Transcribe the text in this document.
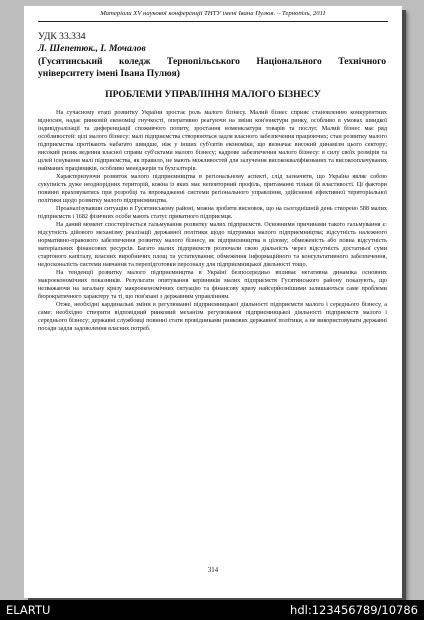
Матеріали XV наукової конференції ТНТУ імені Івана Пулюя. – Тернопіль, 2011
УДК 33.334
Л. Шепетюк., І. Мочалов
(Гусятинський коледж Тернопільського Національного Технічного університету імені Івана Пулюя)
ПРОБЛЕМИ УПРАВЛІННЯ МАЛОГО БІЗНЕСУ

На сучасному етапі розвитку України зростає роль малого бізнесу. Малий бізнес сприяє становленню конкурентних відносин, надає ринковій економіці гнучкості, оперативно реагуючи на зміни кон'юнктури ринку, особливо в умовах швидкої індивідуалізації та диференціації споживчого попиту, зростання номенклатури товарів та послуг. Малий бізнес має ряд особливостей: цілі малого бізнесу: малі підприємства створюються задля власного забезпечення працюючих; стан розвитку малого підприємства протікають набагато швидше, ніж у інших суб'єктів економіки, що визначає високий динамізм цього сектору; високий ризик ведення власної справи суб'єктами малого бізнесу; кадрове забезпечення малого бізнесу: в силу своїх розмірів та цілей існування малі підприємства, як правило, не мають можливостей для залучення висококваліфікованих та високооплачуваних найманих працівників, особливо менеджерів та бухгалтерів.

Характеризуючи розвиток малого підприємництва в регіональному аспекті, слід зазначити, що Україна являє собою сукупність дуже неоднорідних територій, кожна із яких має неповторний профіль, притаманні тільки їй властивості. Ці фактори повинні враховуватись при розробці та впровадженні системи регіонального управління, здійсненні ефективної територіальної політики щодо розвитку малого підприємництва.

Проаналізувавши ситуацію в Гусятинському районі, можна зробити висновок, що на сьогоднішній день створено 588 малих підприємств і 1682 фізичних особи мають статус приватного підприємця.

На даний момент спостерігається гальмування розвитку малих підприємств. Основними причинами такого гальмування є: відсутність дійового механізму реалізації державної політики щодо підтримки малого підприємництва; відсутність належного нормативно-правового забезпечення розвитку малого бізнесу, як підприємництва в цілому; обмеженість або повна відсутність матеріальних фінансових ресурсів. Багато малих підприємств розпочали свою діяльність через відсутність достатньої суми стартового капіталу, власних виробничих площ та устаткування; обмеження інформаційного та консультативного забезпечення, недосконалість системи навчання та перепідготовки персоналу для підприємницької діяльності тощо.

На тенденції розвитку малого підприємництва в Україні безпосередньо впливає негативна динаміка основних макроекономічних показників. Результати опитування керівників малих підприємств Гусятинського району показують, що незважаючи на загальну кризу макроекономічних ситуацію та фінансову кризу найсерйознішими залишаються саме проблеми бюрократичного характеру та ті, що пов'язані з державним управлінням.

Отже, необхідні кардинальні зміни в регулюванні підприємницької діяльності підприємств малого і середнього бізнесу, а саме: необхідно створити відповідний ринковий механізм регулювання підприємницької діяльності підприємств малого і середнього бізнесу; державні службовці повинні стати провідниками ринкових державної політики, а не використовувати державні посади задля задоволення власних потреб.

314
ELARTU	hdl:123456789/10786
